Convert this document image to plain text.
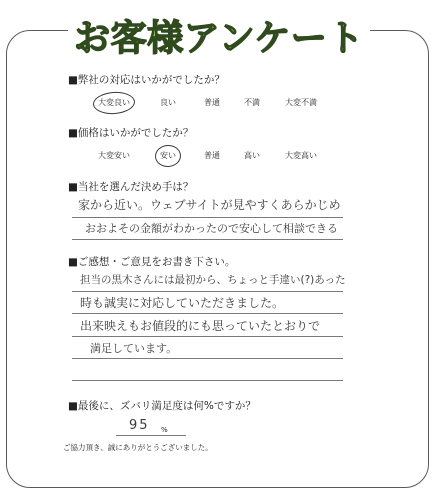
お客様アンケート
■弊社の対応はいかがでしたか？
大変良い	良い	普通	不満	大変不満
■価格はいかがでしたか？
大変安い	安い	普通	高い	大変高い
■当社を選んだ決め手は？
家から近い。ウェブサイトが見やすくあらかじめ
おおよその金額がわかったので安心して相談できる
■ご感想・ご意見をお書き下さい。
担当の黒木さんには最初から、ちょっと手違い(?)あった
時も誠実に対応していただきました。
出来映えもお値段的にも思っていたとおりで
満足しています。
■最後に、ズバリ満足度は何%ですか？
95 %
ご協力頂き、誠にありがとうございました。
